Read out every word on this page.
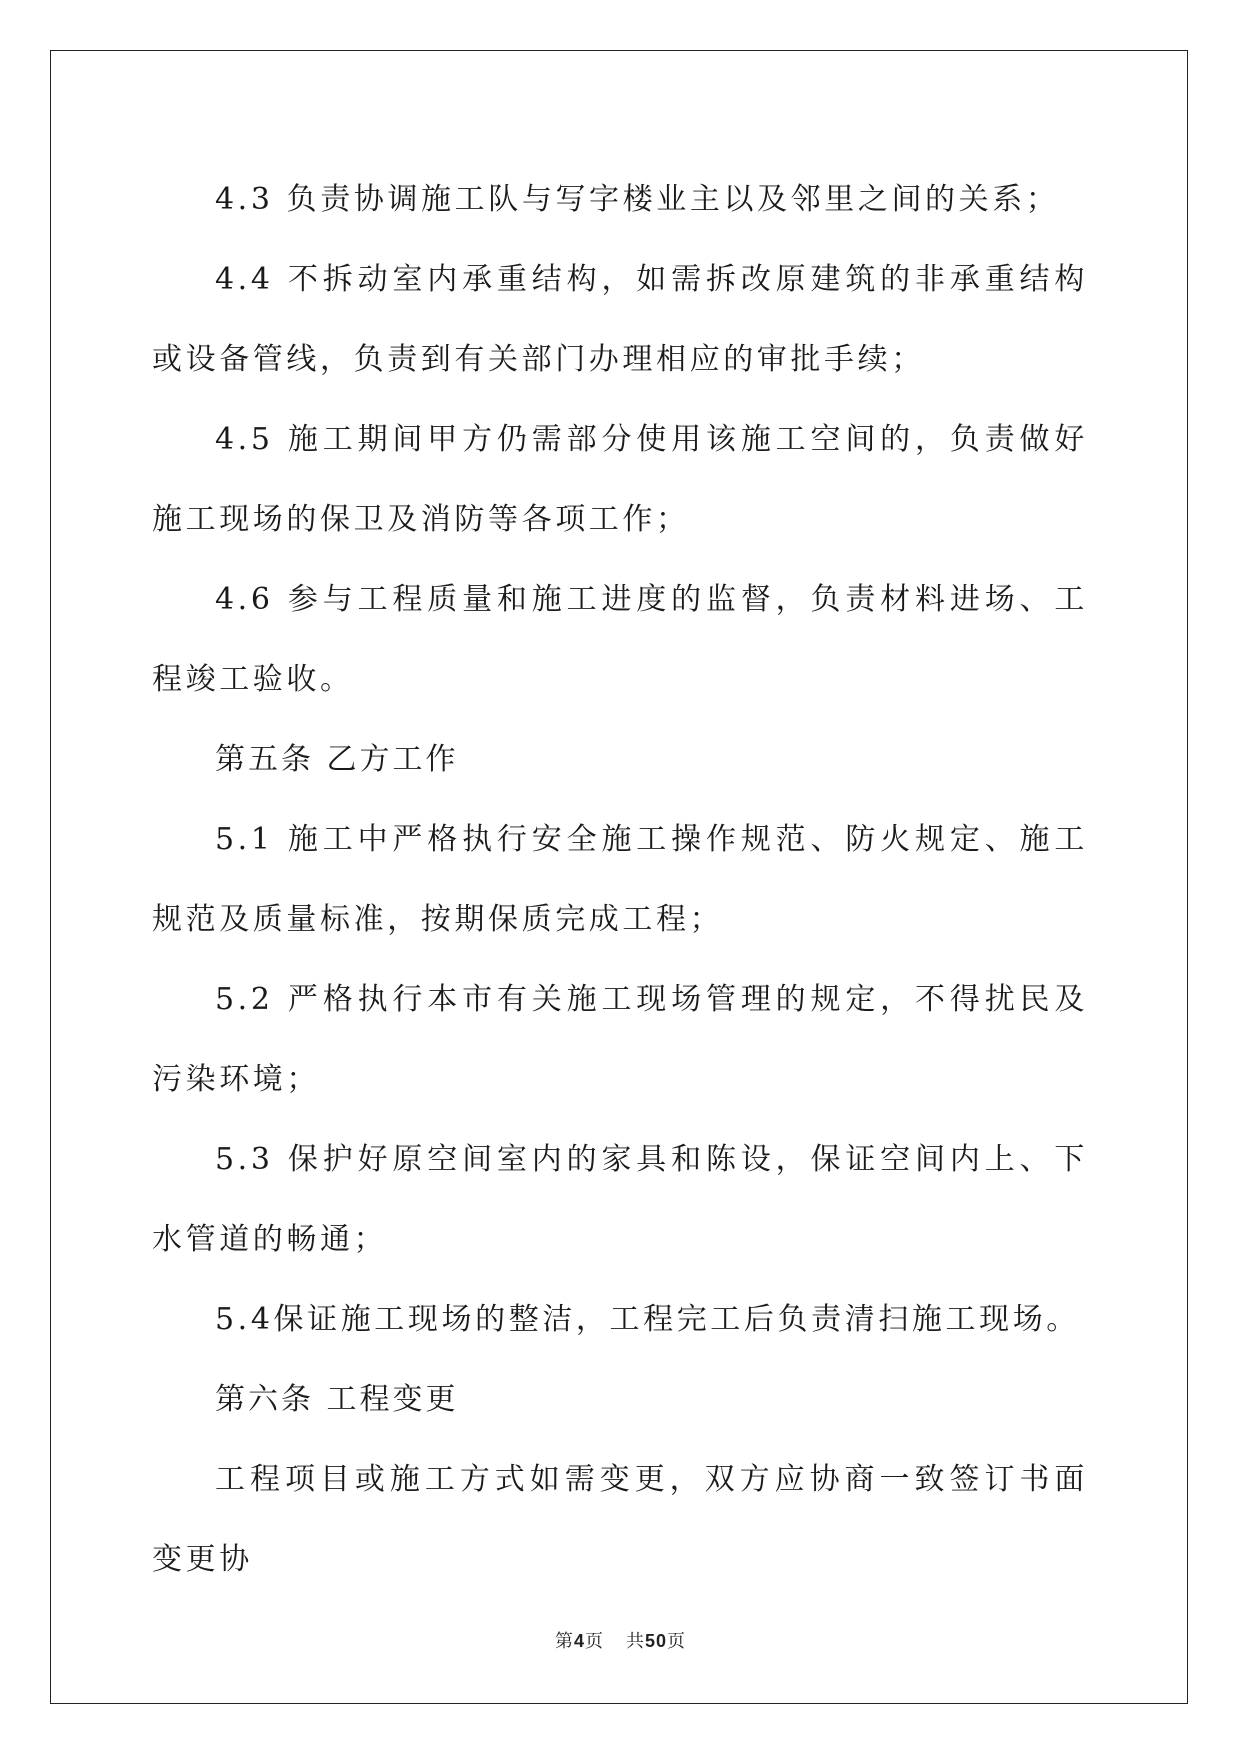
4.3 负责协调施工队与写字楼业主以及邻里之间的关系；

4.4 不拆动室内承重结构，如需拆改原建筑的非承重结构或设备管线，负责到有关部门办理相应的审批手续；

4.5 施工期间甲方仍需部分使用该施工空间的，负责做好施工现场的保卫及消防等各项工作；

4.6 参与工程质量和施工进度的监督，负责材料进场、工程竣工验收。

第五条 乙方工作

5.1 施工中严格执行安全施工操作规范、防火规定、施工规范及质量标准，按期保质完成工程；

5.2 严格执行本市有关施工现场管理的规定，不得扰民及污染环境；

5.3 保护好原空间室内的家具和陈设，保证空间内上、下水管道的畅通；

5.4保证施工现场的整洁，工程完工后负责清扫施工现场。

第六条 工程变更

工程项目或施工方式如需变更，双方应协商一致签订书面变更协

第4页 共50页
